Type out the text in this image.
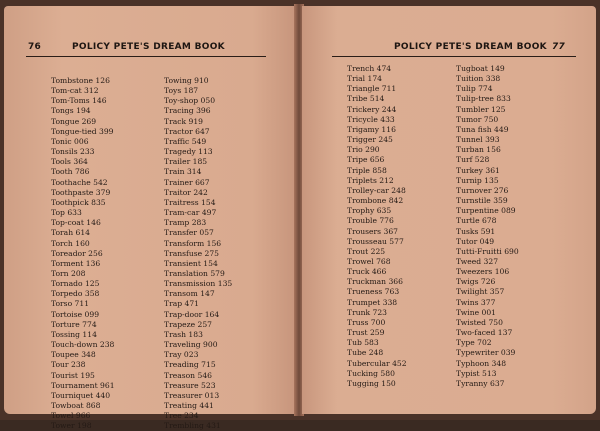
76	POLICY PETE'S DREAM BOOK
Tombstone 126
Tom-cat 312
Tom-Toms 146
Tongs 194
Tongue 269
Tongue-tied 399
Tonic 006
Tonsils 233
Tools 364
Tooth 786
Toothache 542
Toothpaste 379
Toothpick 835
Top 633
Top-coat 146
Torah 614
Torch 160
Toreador 256
Torment 136
Torn 208
Tornado 125
Torpedo 358
Torso 711
Tortoise 099
Torture 774
Tossing 114
Touch-down 238
Toupee 348
Tour 238
Tourist 195
Tournament 961
Tourniquet 440
Towboat 868
Towel 966
Tower 198
Towing 910
Toys 187
Toy-shop 050
Tracing 396
Track 919
Tractor 647
Traffic 549
Tragedy 113
Trailer 185
Train 314
Trainer 667
Traitor 242
Traitress 154
Tram-car 497
Tramp 283
Transfer 057
Transform 156
Transfuse 275
Transient 154
Translation 579
Transmission 135
Transom 147
Trap 471
Trap-door 164
Trapeze 257
Trash 183
Traveling 900
Tray 023
Treading 715
Treason 546
Treasure 523
Treasurer 013
Treating 441
Tree 234
Trembling 431
POLICY PETE'S DREAM BOOK 77
Trench 474
Trial 174
Triangle 711
Tribe 514
Trickery 244
Tricycle 433
Trigamy 116
Trigger 245
Trio 290
Tripe 656
Triple 858
Triplets 212
Trolley-car 248
Trombone 842
Trophy 635
Trouble 776
Trousers 367
Trousseau 577
Trout 225
Trowel 768
Truck 466
Truckman 366
Trueness 763
Trumpet 338
Trunk 723
Truss 700
Trust 259
Tub 583
Tube 248
Tubercular 452
Tucking 580
Tugging 150
Tugboat 149
Tuition 338
Tulip 774
Tulip-tree 833
Tumbler 125
Tumor 750
Tuna fish 449
Tunnel 393
Turban 156
Turf 528
Turkey 361
Turnip 135
Turnover 276
Turnstile 359
Turpentine 089
Turtle 678
Tusks 591
Tutor 049
Tutti-Fruitti 690
Tweed 327
Tweezers 106
Twigs 726
Twilight 357
Twins 377
Twine 001
Twisted 750
Two-faced 137
Type 702
Typewriter 039
Typhoon 348
Typist 513
Tyranny 637
